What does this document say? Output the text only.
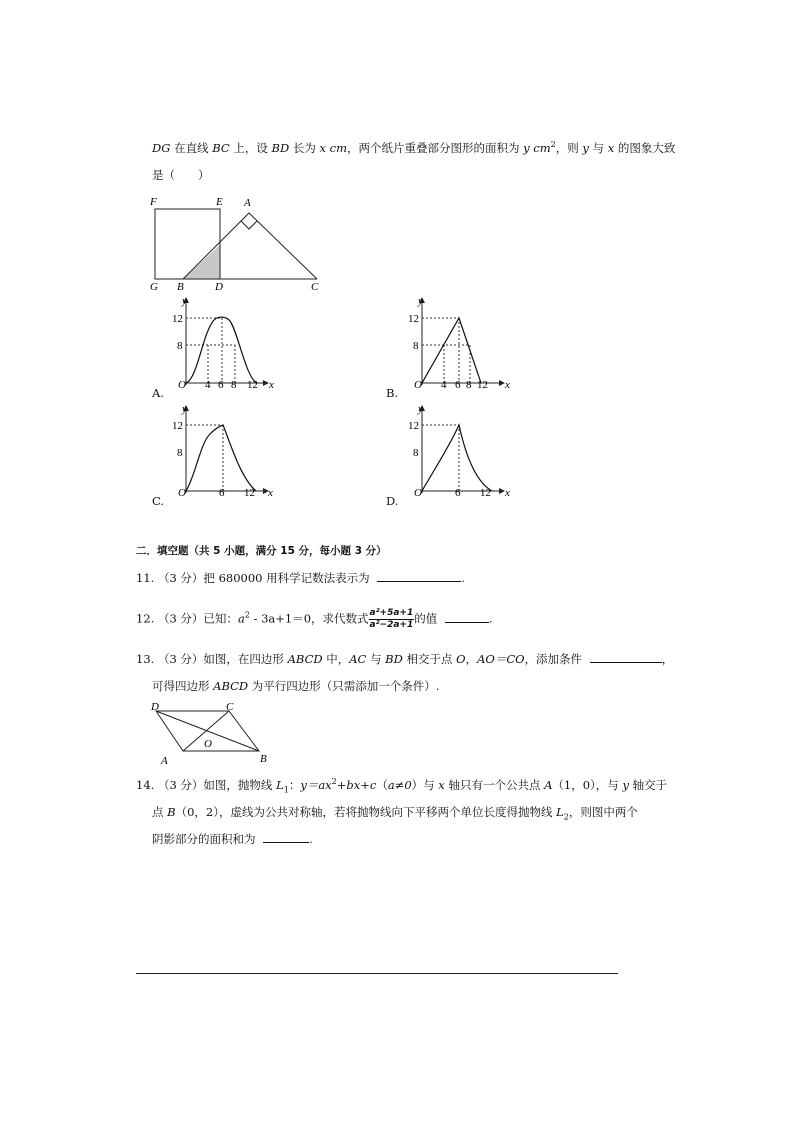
DG 在直线 BC 上，设 BD 长为 x cm，两个纸片重叠部分图形的面积为 y $cm^2$，则 y 与 x 的图象大致
是（　　）
F	E A
G B	D	C
y
12
8
O 4 6 8 12 x
A.
y
12
8
O 4 6 8 12 x
B.
y
12
8
O	6 12 x
C.
y
12
8
O	6 12 x
D.
二．填空题（共 5 小题，满分 15 分，每小题 3 分）
11. （3 分）把 680000 用科学记数法表示为	.
12. （3 分）已知：$a^2 - 3a+1=0$，求代数式 $\frac{\text{a²+5a+1}}{\text{a²−2a+1}}$ 的值	.
13. （3 分）如图，在四边形 ABCD 中，AC 与 BD 相交于点 O，AO＝CO，添加条件	，
可得四边形 ABCD 为平行四边形（只需添加一个条件）.
D	C
O
A	B
14. （3 分）如图，抛物线 $L_1$：$y=ax^2+bx+c(a\ne 0)$与 x 轴只有一个公共点 A（1，0），与 y 轴交于
点 B（0，2），虚线为公共对称轴，若将抛物线向下平移两个单位长度得抛物线 $L_2$，则图中两个
阴影部分的面积和为	.
